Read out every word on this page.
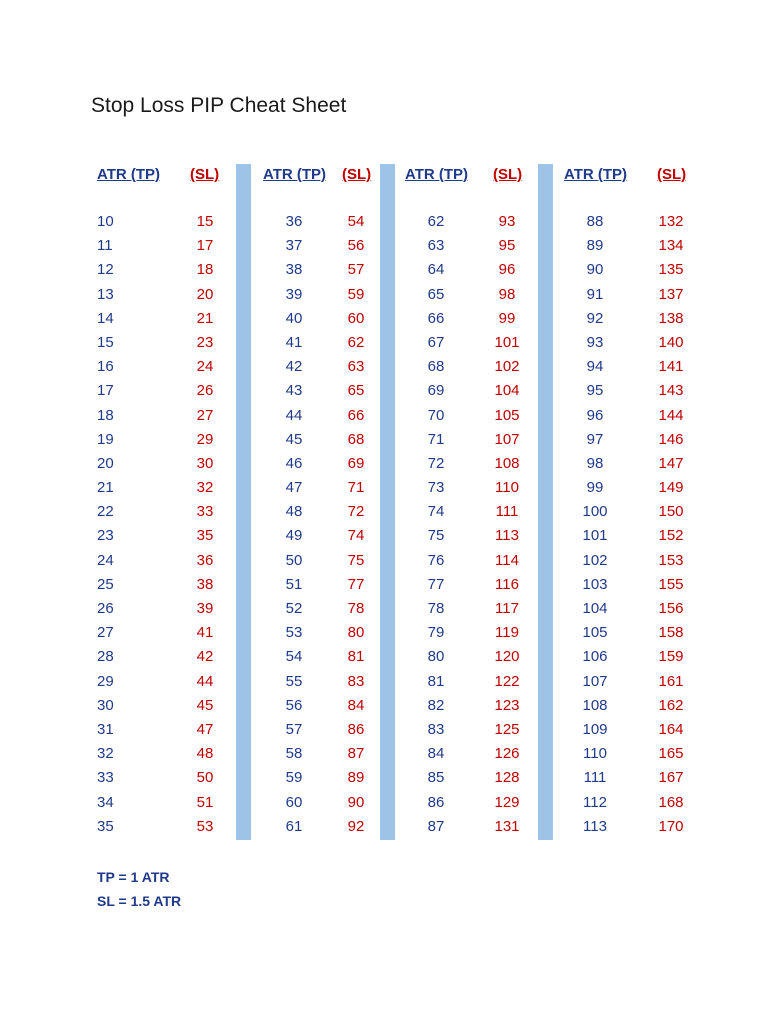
Stop Loss PIP Cheat Sheet
ATR (TP) (SL)	ATR (TP) (SL) ATR (TP) (SL)	ATR (TP) (SL)
10
11
12
13
14
15
16
17
18
19
20
21
22
23
24
25
26
27
28
29
30
31
32
33
34
35
15
17
18
20
21
23
24
26
27
29
30
32
33
35
36
38
39
41
42
44
45
47
48
50
51
53
36
37
38
39
40
41
42
43
44
45
46
47
48
49
50
51
52
53
54
55
56
57
58
59
60
61
54
56
57
59
60
62
63
65
66
68
69
71
72
74
75
77
78
80
81
83
84
86
87
89
90
92
62
63
64
65
66
67
68
69
70
71
72
73
74
75
76
77
78
79
80
81
82
83
84
85
86
87
93
95
96
98
99
101
102
104
105
107
108
110
111
113
114
116
117
119
120
122
123
125
126
128
129
131
88
89
90
91
92
93
94
95
96
97
98
99
100
101
102
103
104
105
106
107
108
109
110
111
112
113
132
134
135
137
138
140
141
143
144
146
147
149
150
152
153
155
156
158
159
161
162
164
165
167
168
170
TP = 1 ATR
SL = 1.5 ATR
